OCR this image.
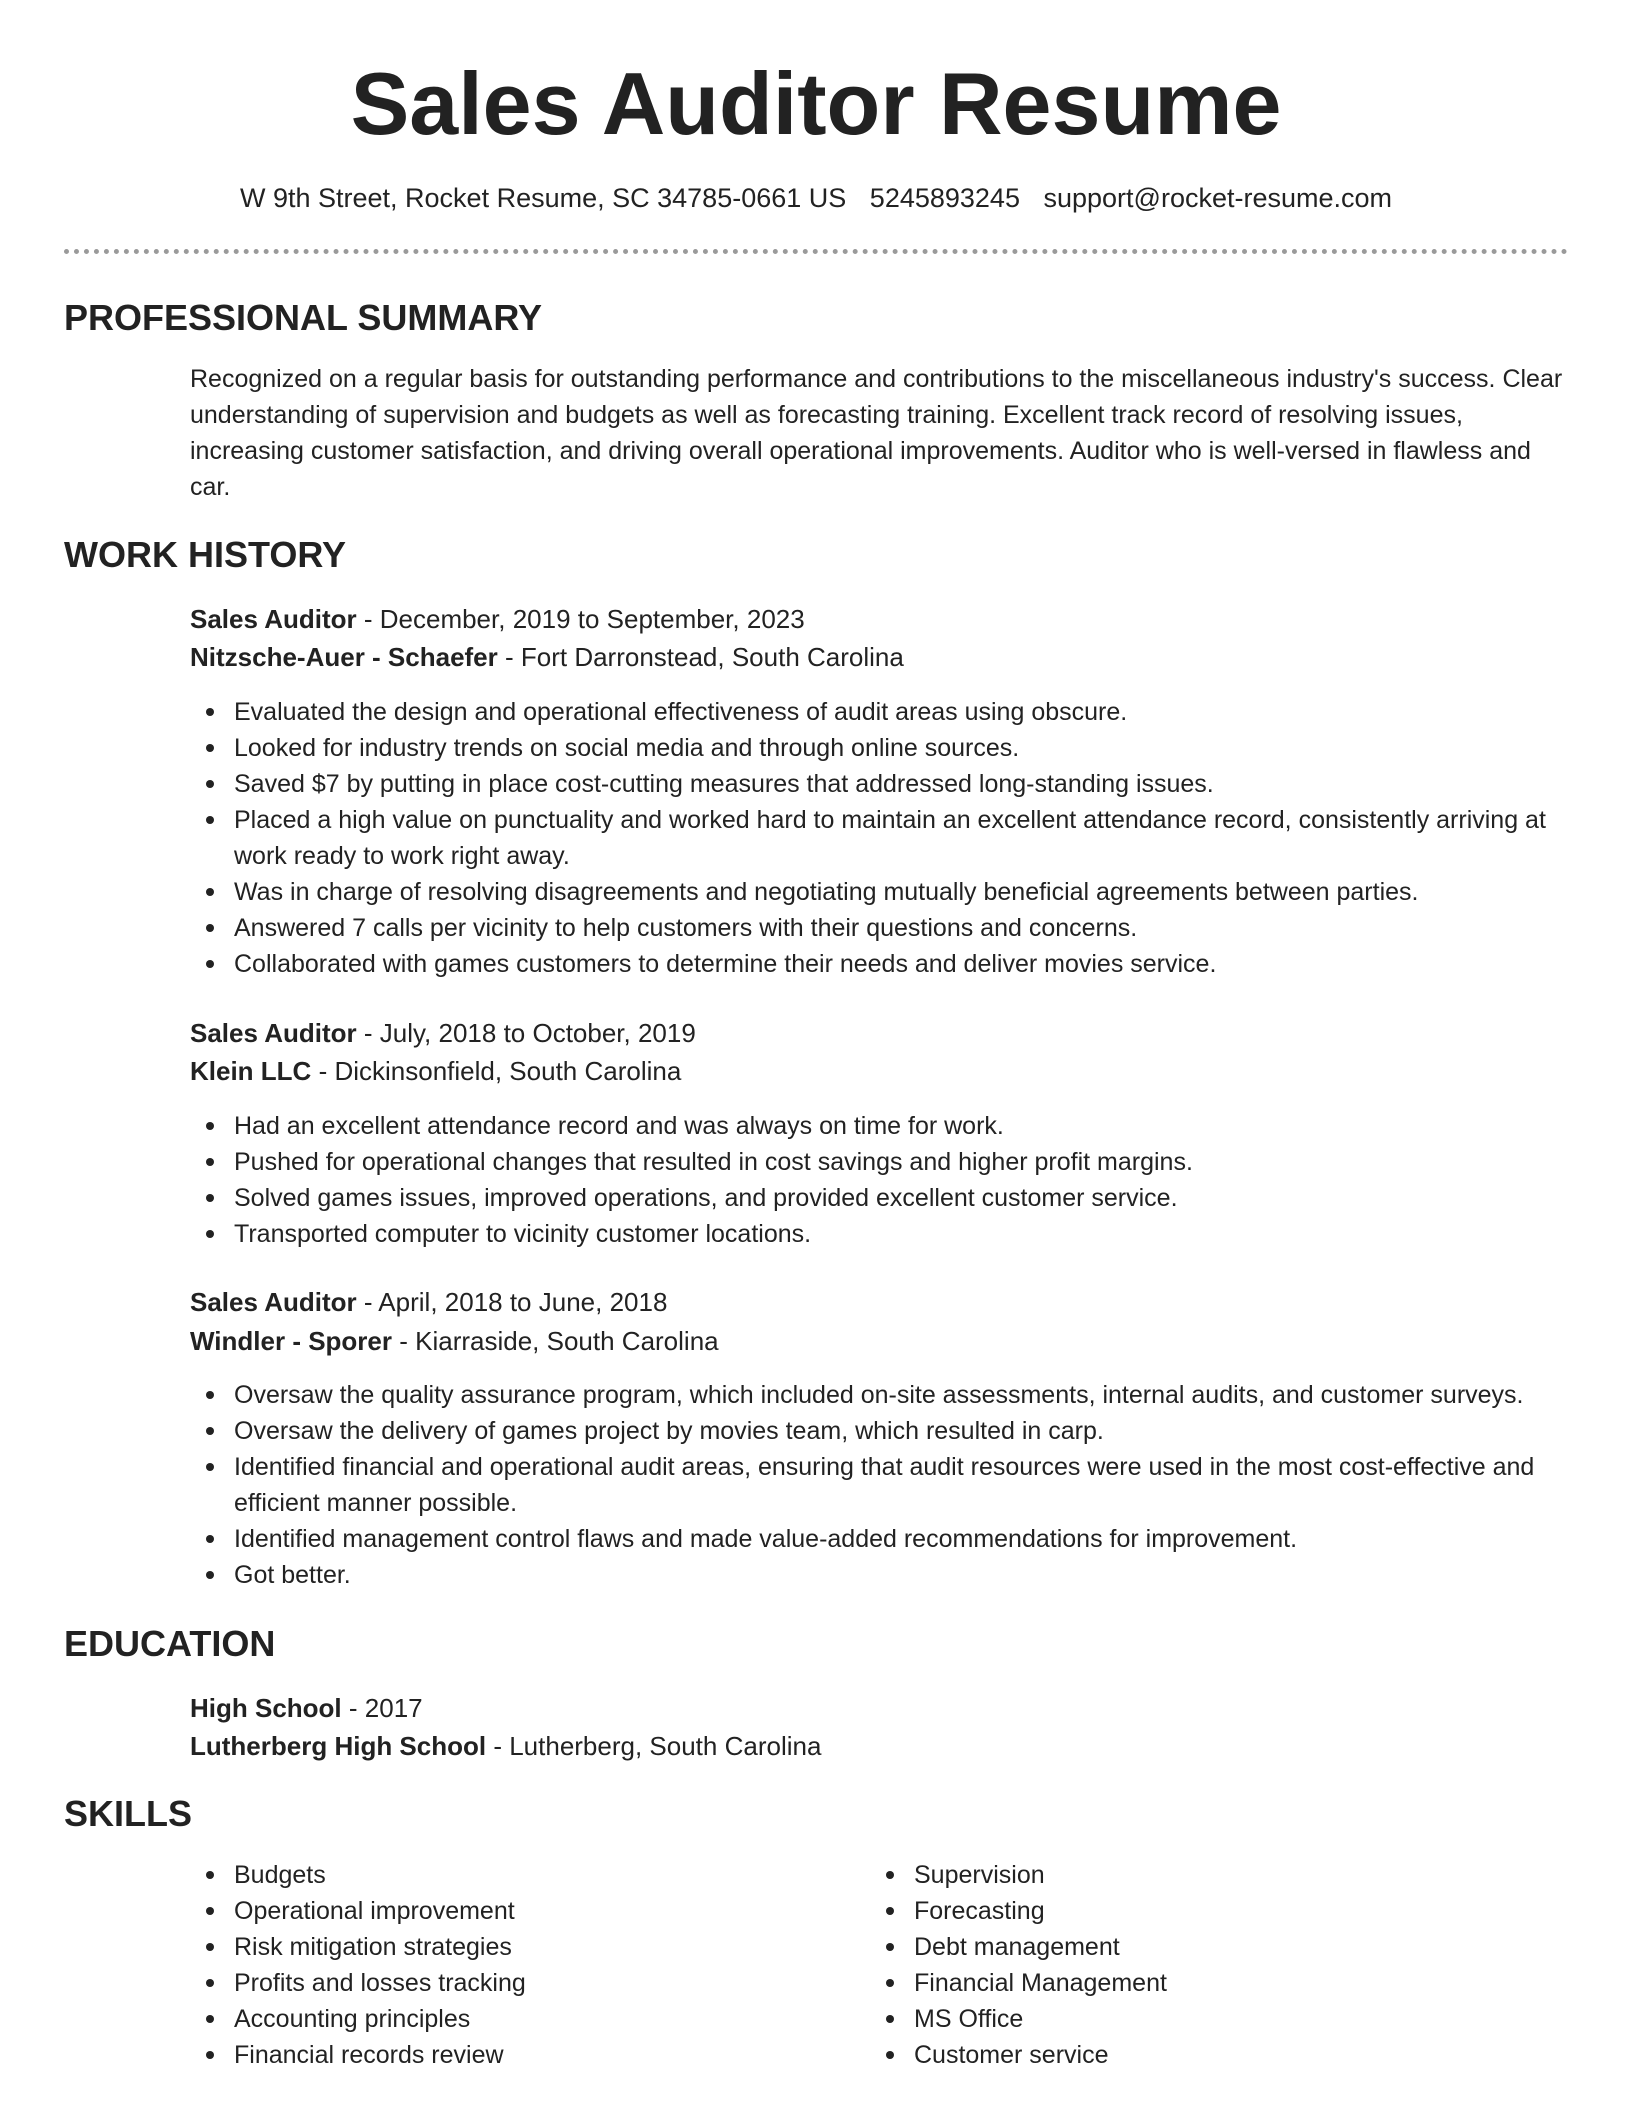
Sales Auditor Resume
W 9th Street, Rocket Resume, SC 34785-0661 US 5245893245 support@rocket-resume.com
PROFESSIONAL SUMMARY

Recognized on a regular basis for outstanding performance and contributions to the miscellaneous industry's success. Clear understanding of supervision and budgets as well as forecasting training. Excellent track record of resolving issues, increasing customer satisfaction, and driving overall operational improvements. Auditor who is well-versed in flawless and car.

WORK HISTORY
Sales Auditor - December, 2019 to September, 2023
Nitzsche-Auer - Schaefer - Fort Darronstead, South Carolina
Evaluated the design and operational effectiveness of audit areas using obscure.
Looked for industry trends on social media and through online sources.
Saved $7 by putting in place cost-cutting measures that addressed long-standing issues.
Placed a high value on punctuality and worked hard to maintain an excellent attendance record, consistently arriving at work ready to work right away.
Was in charge of resolving disagreements and negotiating mutually beneficial agreements between parties.
Answered 7 calls per vicinity to help customers with their questions and concerns.
Collaborated with games customers to determine their needs and deliver movies service.
Sales Auditor - July, 2018 to October, 2019
Klein LLC - Dickinsonfield, South Carolina
Had an excellent attendance record and was always on time for work.
Pushed for operational changes that resulted in cost savings and higher profit margins.
Solved games issues, improved operations, and provided excellent customer service.
Transported computer to vicinity customer locations.
Sales Auditor - April, 2018 to June, 2018
Windler - Sporer - Kiarraside, South Carolina
Oversaw the quality assurance program, which included on-site assessments, internal audits, and customer surveys.
Oversaw the delivery of games project by movies team, which resulted in carp.
Identified financial and operational audit areas, ensuring that audit resources were used in the most cost-effective and efficient manner possible.
Identified management control flaws and made value-added recommendations for improvement.
Got better.
EDUCATION
High School - 2017
Lutherberg High School - Lutherberg, South Carolina
SKILLS
Budgets
Operational improvement
Risk mitigation strategies
Profits and losses tracking
Accounting principles
Financial records review
Supervision
Forecasting
Debt management
Financial Management
MS Office
Customer service
